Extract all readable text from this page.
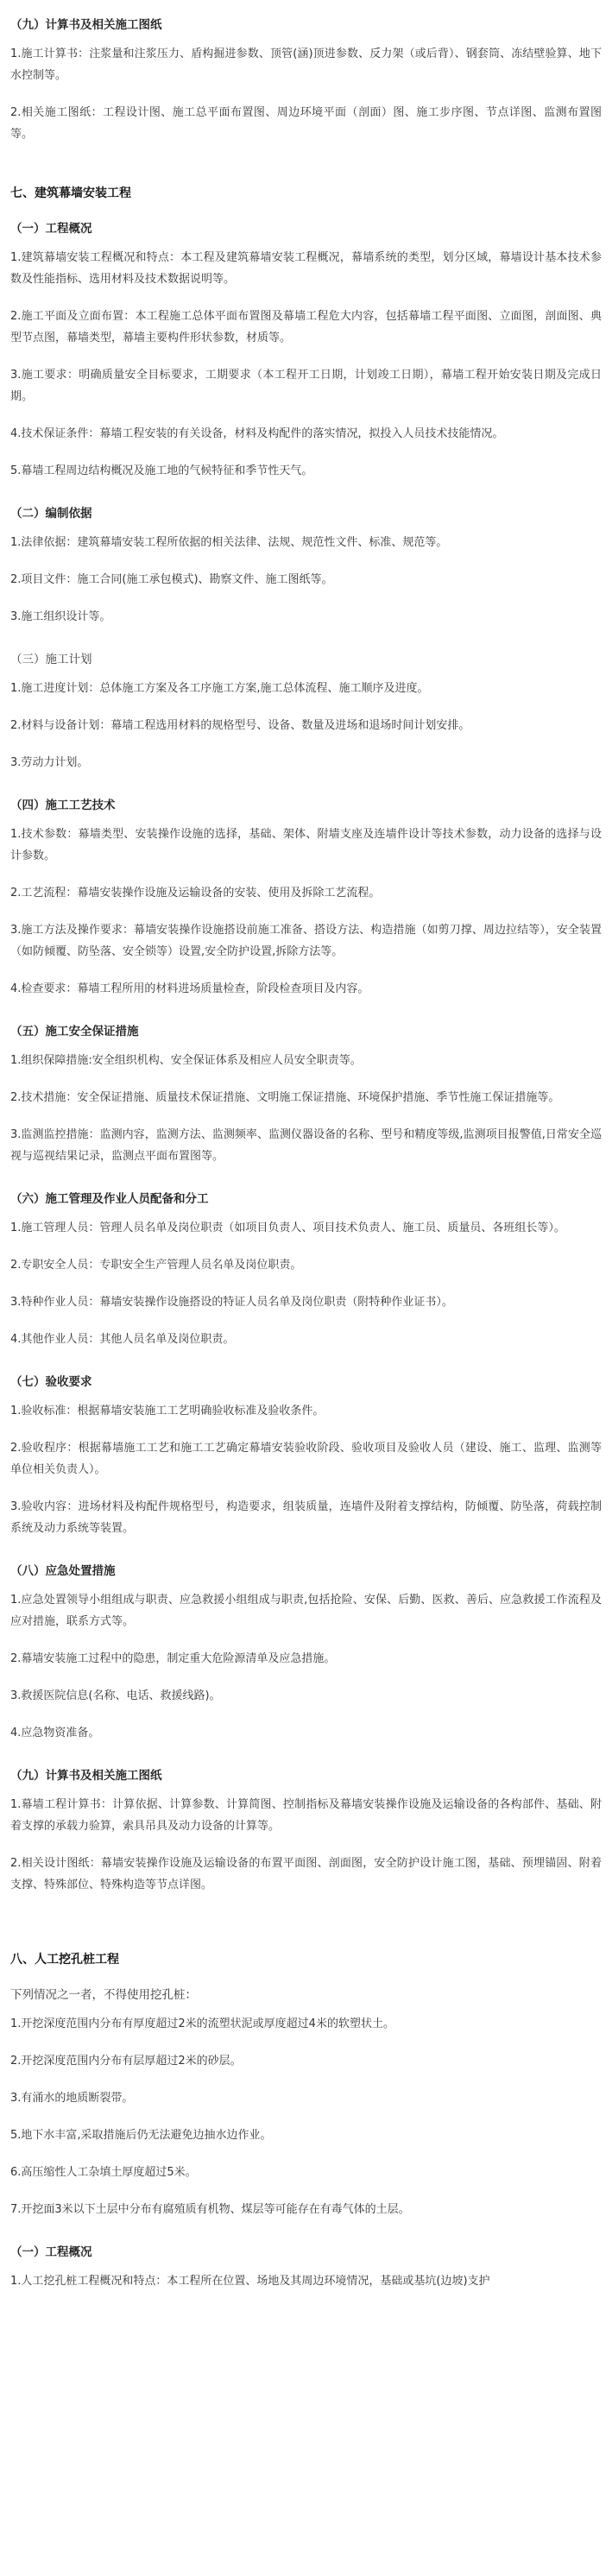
（九）计算书及相关施工图纸
1.施工计算书：注浆量和注浆压力、盾构掘进参数、顶管(涵)顶进参数、反力架（或后背）、钢套筒、冻结壁验算、地下水控制等。
2.相关施工图纸：工程设计图、施工总平面布置图、周边环境平面（剖面）图、施工步序图、节点详图、监测布置图等。
七、建筑幕墙安装工程
（一）工程概况
1.建筑幕墙安装工程概况和特点：本工程及建筑幕墙安装工程概况，幕墙系统的类型，划分区域，幕墙设计基本技术参数及性能指标、选用材料及技术数据说明等。
2.施工平面及立面布置：本工程施工总体平面布置图及幕墙工程危大内容，包括幕墙工程平面图、立面图，剖面图、典型节点图，幕墙类型，幕墙主要构件形状参数，材质等。
3.施工要求：明确质量安全目标要求，工期要求（本工程开工日期，计划竣工日期），幕墙工程开始安装日期及完成日期。
4.技术保证条件：幕墙工程安装的有关设备，材料及构配件的落实情况，拟投入人员技术技能情况。
5.幕墙工程周边结构概况及施工地的气候特征和季节性天气。
（二）编制依据
1.法律依据：建筑幕墙安装工程所依据的相关法律、法规、规范性文件、标准、规范等。
2.项目文件：施工合同(施工承包模式)、勘察文件、施工图纸等。
3.施工组织设计等。
（三）施工计划
1.施工进度计划：总体施工方案及各工序施工方案,施工总体流程、施工顺序及进度。
2.材料与设备计划：幕墙工程选用材料的规格型号、设备、数量及进场和退场时间计划安排。
3.劳动力计划。
（四）施工工艺技术
1.技术参数：幕墙类型、安装操作设施的选择，基础、架体、附墙支座及连墙件设计等技术参数，动力设备的选择与设计参数。
2.工艺流程：幕墙安装操作设施及运输设备的安装、使用及拆除工艺流程。
3.施工方法及操作要求：幕墙安装操作设施搭设前施工准备、搭设方法、构造措施（如剪刀撑、周边拉结等），安全装置（如防倾覆、防坠落、安全锁等）设置,安全防护设置,拆除方法等。
4.检查要求：幕墙工程所用的材料进场质量检查，阶段检查项目及内容。
（五）施工安全保证措施
1.组织保障措施:安全组织机构、安全保证体系及相应人员安全职责等。
2.技术措施：安全保证措施、质量技术保证措施、文明施工保证措施、环境保护措施、季节性施工保证措施等。
3.监测监控措施：监测内容，监测方法、监测频率、监测仪器设备的名称、型号和精度等级,监测项目报警值,日常安全巡视与巡视结果记录，监测点平面布置图等。
（六）施工管理及作业人员配备和分工
1.施工管理人员：管理人员名单及岗位职责（如项目负责人、项目技术负责人、施工员、质量员、各班组长等）。
2.专职安全人员：专职安全生产管理人员名单及岗位职责。
3.特种作业人员：幕墙安装操作设施搭设的特证人员名单及岗位职责（附特种作业证书）。
4.其他作业人员：其他人员名单及岗位职责。
（七）验收要求
1.验收标准：根据幕墙安装施工工艺明确验收标准及验收条件。
2.验收程序：根据幕墙施工工艺和施工工艺确定幕墙安装验收阶段、验收项目及验收人员（建设、施工、监理、监测等单位相关负责人）。
3.验收内容：进场材料及构配件规格型号，构造要求，组装质量，连墙件及附着支撑结构，防倾覆、防坠落，荷载控制系统及动力系统等装置。
（八）应急处置措施
1.应急处置领导小组组成与职责、应急救援小组组成与职责,包括抢险、安保、后勤、医救、善后、应急救援工作流程及应对措施，联系方式等。
2.幕墙安装施工过程中的隐患，制定重大危险源清单及应急措施。
3.救援医院信息(名称、电话、救援线路)。
4.应急物资准备。
（九）计算书及相关施工图纸
1.幕墙工程计算书：计算依据、计算参数、计算简图、控制指标及幕墙安装操作设施及运输设备的各构部件、基础、附着支撑的承载力验算，索具吊具及动力设备的计算等。
2.相关设计图纸：幕墙安装操作设施及运输设备的布置平面图、剖面图，安全防护设计施工图，基础、预埋锚固、附着支撑、特殊部位、特殊构造等节点详图。
八、人工挖孔桩工程
下列情况之一者，不得使用挖孔桩：
1.开挖深度范围内分布有厚度超过2米的流塑状泥或厚度超过4米的软塑状土。
2.开挖深度范围内分布有层厚超过2米的砂层。
3.有涌水的地质断裂带。
5.地下水丰富,采取措施后仍无法避免边抽水边作业。
6.高压缩性人工杂填土厚度超过5米。
7.开挖面3米以下土层中分布有腐殖质有机物、煤层等可能存在有毒气体的土层。
（一）工程概况
1.人工挖孔桩工程概况和特点：本工程所在位置、场地及其周边环境情况，基础或基坑(边坡)支护
